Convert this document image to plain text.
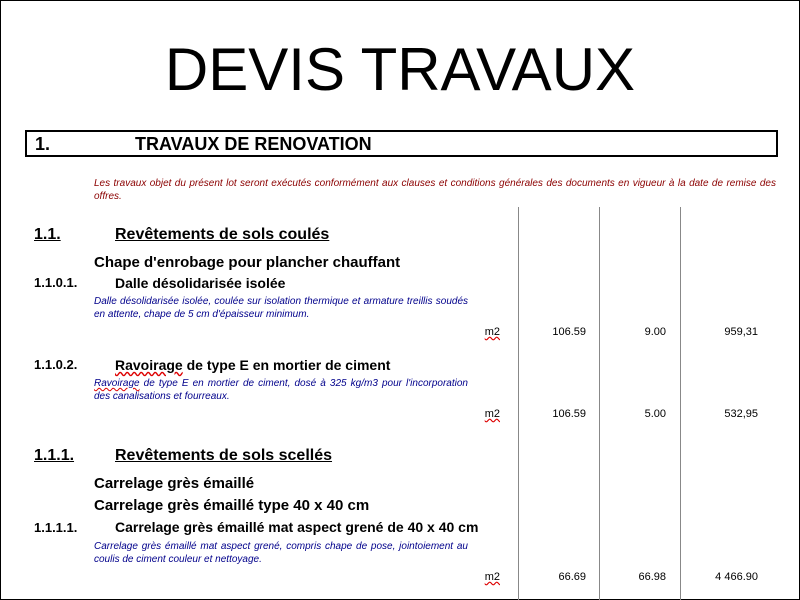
DEVIS TRAVAUX
1.	TRAVAUX DE RENOVATION
Les travaux objet du présent lot seront exécutés conformément aux clauses et conditions générales des documents en vigueur à la date de remise des offres.
1.1.	Revêtements de sols coulés
Chape d'enrobage pour plancher chauffant
1.1.0.1.	Dalle désolidarisée isolée
Dalle désolidarisée isolée, coulée sur isolation thermique et armature treillis soudés en attente, chape de 5 cm d'épaisseur minimum.
m2	106.59	9.00	959,31
1.1.0.2.	Ravoirage de type E en mortier de ciment
Ravoirage de type E en mortier de ciment, dosé à 325 kg/m3 pour l'incorporation des canalisations et fourreaux.
m2	106.59	5.00	532,95
1.1.1.	Revêtements de sols scellés
Carrelage grès émaillé
Carrelage grès émaillé type 40 x 40 cm
1.1.1.1.	Carrelage grès émaillé mat aspect grené de 40 x 40 cm
Carrelage grès émaillé mat aspect grené, compris chape de pose, jointoiement au coulis de ciment couleur et nettoyage.
m2	66.69	66.98	4 466.90
